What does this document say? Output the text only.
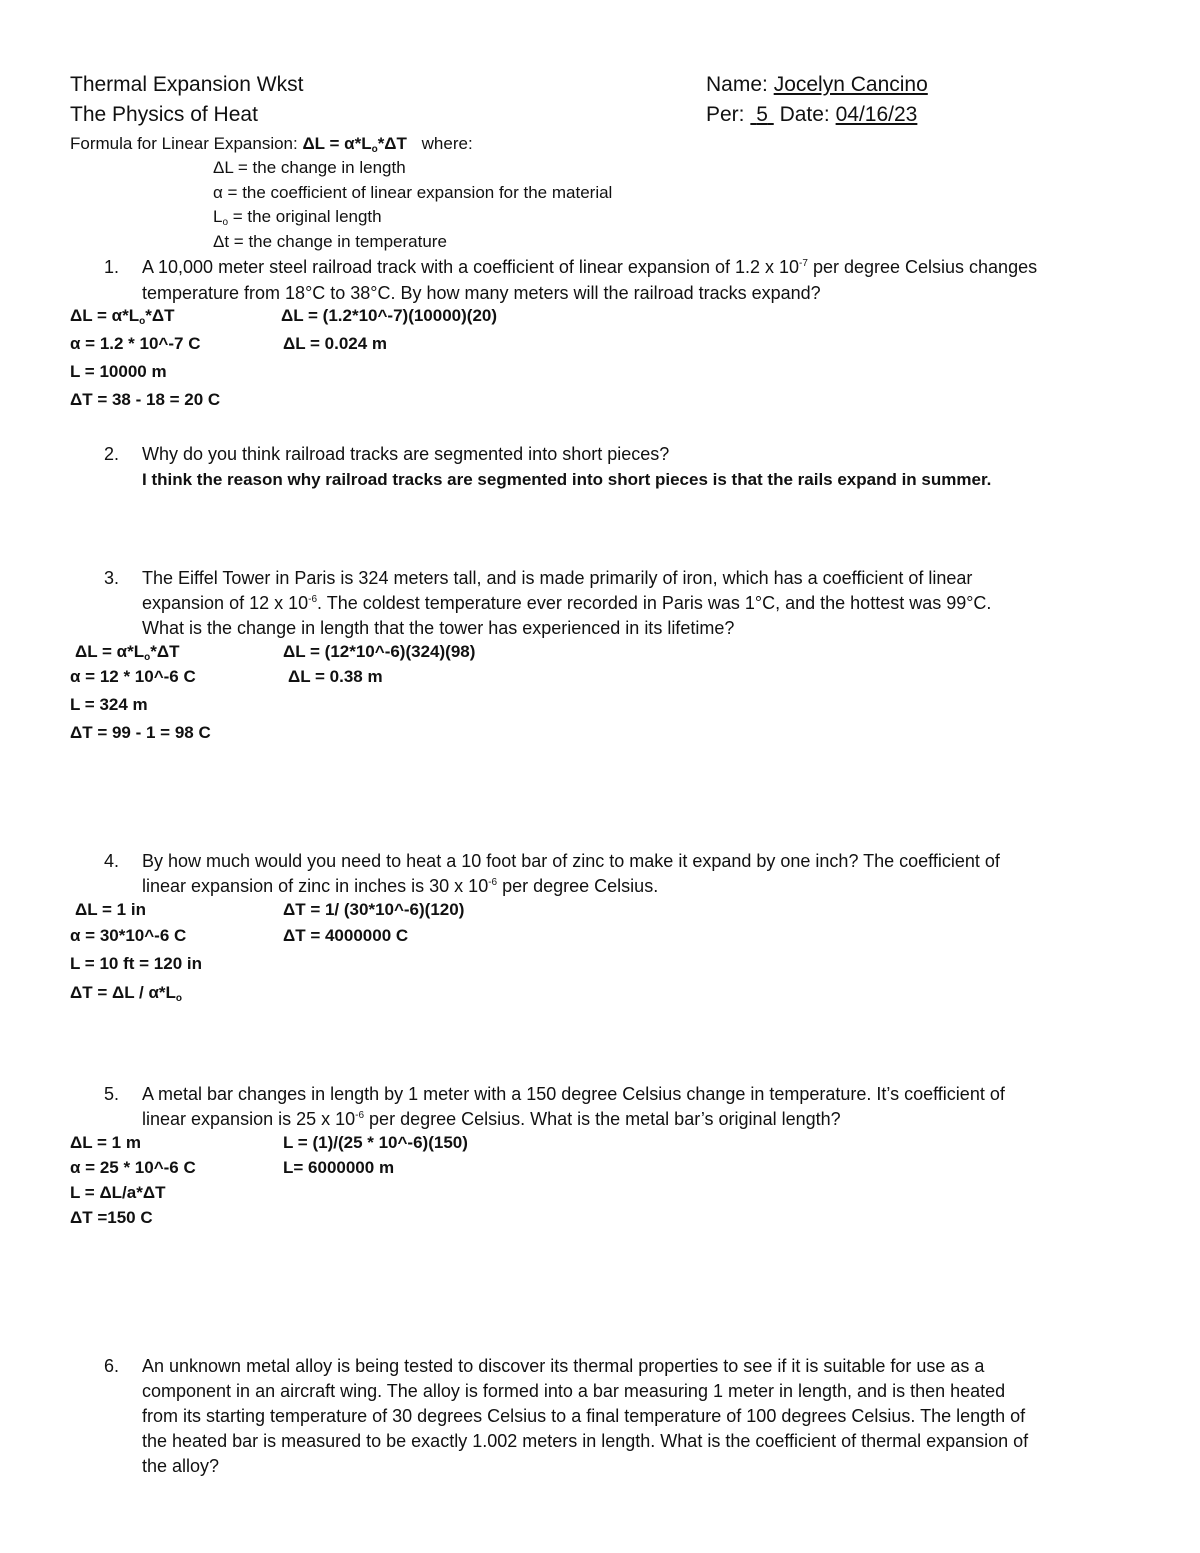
Thermal Expansion Wkst
The Physics of Heat
Name: Jocelyn Cancino
Per:  5 Date: 04/16/23
Formula for Linear Expansion: $\Delta L = \alpha*L_o*\Delta T$ where:
ΔL = the change in length
α = the coefficient of linear expansion for the material
$L_o$ = the original length
Δt = the change in temperature
1. A 10,000 meter steel railroad track with a coefficient of linear expansion of 1.2 x $10^{-7}$ per degree Celsius changes
temperature from 18°C to 38°C. By how many meters will the railroad tracks expand?
$\Delta L = \alpha*L_o*\Delta T$
α = 1.2 * 10^-7 C
L = 10000 m
ΔT = 38 - 18 = 20 C
ΔL = (1.2*10^-7)(10000)(20)
ΔL = 0.024 m
2. Why do you think railroad tracks are segmented into short pieces?
I think the reason why railroad tracks are segmented into short pieces is that the rails expand in summer.
3. The Eiffel Tower in Paris is 324 meters tall, and is made primarily of iron, which has a coefficient of linear
expansion of 12 x $10^{-6}$. The coldest temperature ever recorded in Paris was 1°C, and the hottest was 99°C.
What is the change in length that the tower has experienced in its lifetime?
$\Delta L = \alpha*L_o*\Delta T$
α = 12 * 10^-6 C
L = 324 m
ΔT = 99 - 1 = 98 C
ΔL = (12*10^-6)(324)(98)
ΔL = 0.38 m
4. By how much would you need to heat a 10 foot bar of zinc to make it expand by one inch? The coefficient of
linear expansion of zinc in inches is 30 x $10^{-6}$ per degree Celsius.
ΔL = 1 in
α = 30*10^-6 C
L = 10 ft = 120 in
$\Delta T = \Delta L / \alpha*L_o$
ΔT = 1/ (30*10^-6)(120)
ΔT = 4000000 C
5. A metal bar changes in length by 1 meter with a 150 degree Celsius change in temperature. It’s coefficient of
linear expansion is 25 x $10^{-6}$ per degree Celsius. What is the metal bar’s original length?
ΔL = 1 m
α = 25 * 10^-6 C
L = ΔL/a*ΔT
ΔT =150 C
L = (1)/(25 * 10^-6)(150)
L= 6000000 m
6. An unknown metal alloy is being tested to discover its thermal properties to see if it is suitable for use as a
component in an aircraft wing. The alloy is formed into a bar measuring 1 meter in length, and is then heated
from its starting temperature of 30 degrees Celsius to a final temperature of 100 degrees Celsius. The length of
the heated bar is measured to be exactly 1.002 meters in length. What is the coefficient of thermal expansion of
the alloy?
